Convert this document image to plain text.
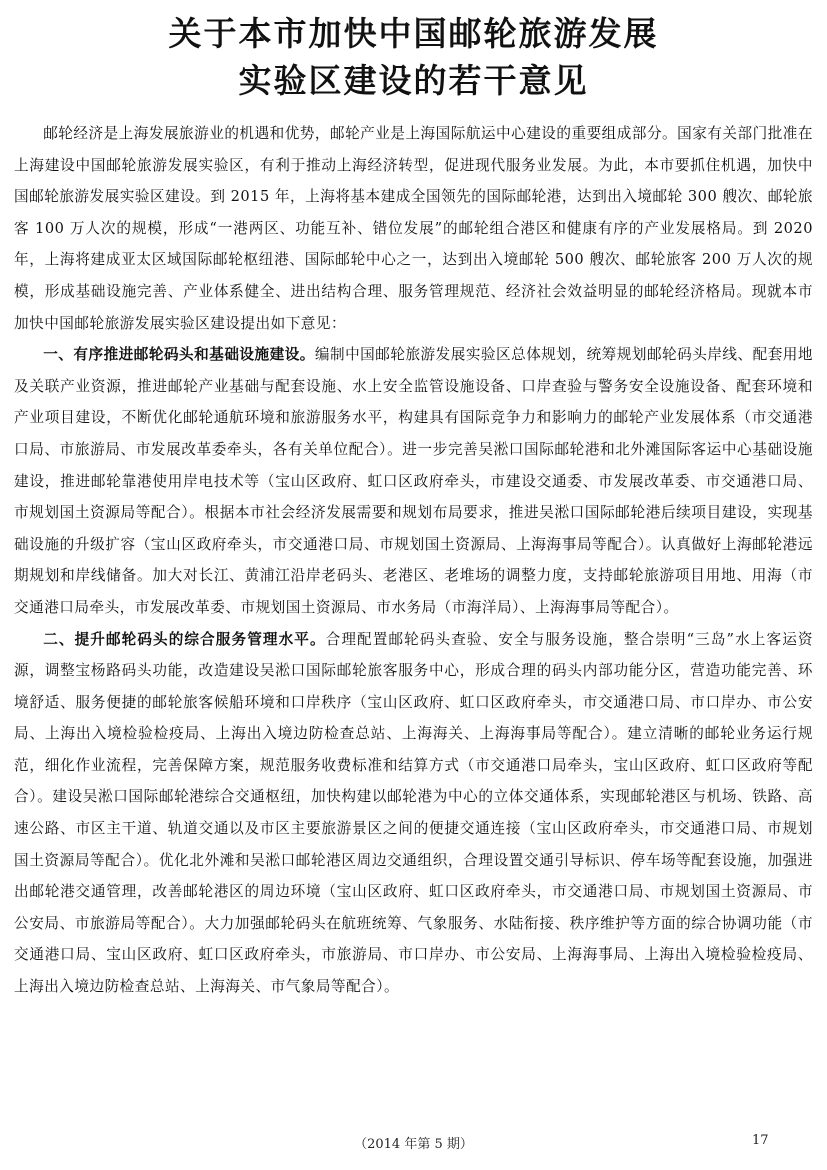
关于本市加快中国邮轮旅游发展
实验区建设的若干意见

邮轮经济是上海发展旅游业的机遇和优势，邮轮产业是上海国际航运中心建设的重要组成部分。国家有关部门批准在上海建设中国邮轮旅游发展实验区，有利于推动上海经济转型，促进现代服务业发展。为此，本市要抓住机遇，加快中国邮轮旅游发展实验区建设。到 2015 年，上海将基本建成全国领先的国际邮轮港，达到出入境邮轮 300 艘次、邮轮旅客 100 万人次的规模，形成“一港两区、功能互补、错位发展”的邮轮组合港区和健康有序的产业发展格局。到 2020 年，上海将建成亚太区域国际邮轮枢纽港、国际邮轮中心之一，达到出入境邮轮 500 艘次、邮轮旅客 200 万人次的规模，形成基础设施完善、产业体系健全、进出结构合理、服务管理规范、经济社会效益明显的邮轮经济格局。现就本市加快中国邮轮旅游发展实验区建设提出如下意见：

一、有序推进邮轮码头和基础设施建设。编制中国邮轮旅游发展实验区总体规划，统筹规划邮轮码头岸线、配套用地及关联产业资源，推进邮轮产业基础与配套设施、水上安全监管设施设备、口岸查验与警务安全设施设备、配套环境和产业项目建设，不断优化邮轮通航环境和旅游服务水平，构建具有国际竞争力和影响力的邮轮产业发展体系（市交通港口局、市旅游局、市发展改革委牵头，各有关单位配合）。进一步完善吴淞口国际邮轮港和北外滩国际客运中心基础设施建设，推进邮轮靠港使用岸电技术等（宝山区政府、虹口区政府牵头，市建设交通委、市发展改革委、市交通港口局、市规划国土资源局等配合）。根据本市社会经济发展需要和规划布局要求，推进吴淞口国际邮轮港后续项目建设，实现基础设施的升级扩容（宝山区政府牵头，市交通港口局、市规划国土资源局、上海海事局等配合）。认真做好上海邮轮港远期规划和岸线储备。加大对长江、黄浦江沿岸老码头、老港区、老堆场的调整力度，支持邮轮旅游项目用地、用海（市交通港口局牵头，市发展改革委、市规划国土资源局、市水务局（市海洋局）、上海海事局等配合）。

二、提升邮轮码头的综合服务管理水平。合理配置邮轮码头查验、安全与服务设施，整合崇明“三岛”水上客运资源，调整宝杨路码头功能，改造建设吴淞口国际邮轮旅客服务中心，形成合理的码头内部功能分区，营造功能完善、环境舒适、服务便捷的邮轮旅客候船环境和口岸秩序（宝山区政府、虹口区政府牵头，市交通港口局、市口岸办、市公安局、上海出入境检验检疫局、上海出入境边防检查总站、上海海关、上海海事局等配合）。建立清晰的邮轮业务运行规范，细化作业流程，完善保障方案，规范服务收费标准和结算方式（市交通港口局牵头，宝山区政府、虹口区政府等配合）。建设吴淞口国际邮轮港综合交通枢纽，加快构建以邮轮港为中心的立体交通体系，实现邮轮港区与机场、铁路、高速公路、市区主干道、轨道交通以及市区主要旅游景区之间的便捷交通连接（宝山区政府牵头，市交通港口局、市规划国土资源局等配合）。优化北外滩和吴淞口邮轮港区周边交通组织，合理设置交通引导标识、停车场等配套设施，加强进出邮轮港交通管理，改善邮轮港区的周边环境（宝山区政府、虹口区政府牵头，市交通港口局、市规划国土资源局、市公安局、市旅游局等配合）。大力加强邮轮码头在航班统筹、气象服务、水陆衔接、秩序维护等方面的综合协调功能（市交通港口局、宝山区政府、虹口区政府牵头，市旅游局、市口岸办、市公安局、上海海事局、上海出入境检验检疫局、上海出入境边防检查总站、上海海关、市气象局等配合）。

（2014 年第 5 期）	17
